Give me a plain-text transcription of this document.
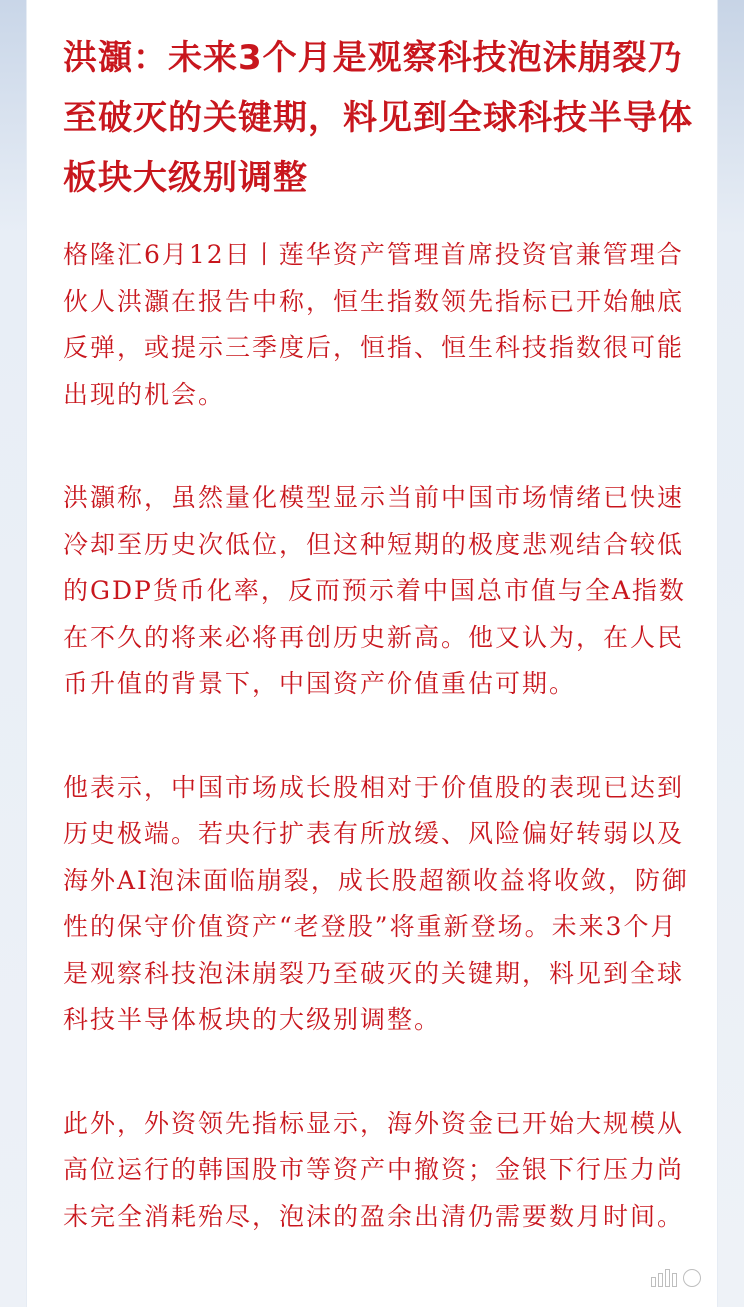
洪灝：未来3个月是观察科技泡沫崩裂乃至破灭的关键期，料见到全球科技半导体板块大级别调整

格隆汇6月12日丨莲华资产管理首席投资官兼管理合伙人洪灝在报告中称，恒生指数领先指标已开始触底反弹，或提示三季度后，恒指、恒生科技指数很可能出现的机会。

洪灝称，虽然量化模型显示当前中国市场情绪已快速冷却至历史次低位，但这种短期的极度悲观结合较低的GDP货币化率，反而预示着中国总市值与全A指数在不久的将来必将再创历史新高。他又认为，在人民币升值的背景下，中国资产价值重估可期。

他表示，中国市场成长股相对于价值股的表现已达到历史极端。若央行扩表有所放缓、风险偏好转弱以及海外AI泡沫面临崩裂，成长股超额收益将收敛，防御性的保守价值资产“老登股”将重新登场。未来3个月是观察科技泡沫崩裂乃至破灭的关键期，料见到全球科技半导体板块的大级别调整。

此外，外资领先指标显示，海外资金已开始大规模从高位运行的韩国股市等资产中撤资；金银下行压力尚未完全消耗殆尽，泡沫的盈余出清仍需要数月时间。
